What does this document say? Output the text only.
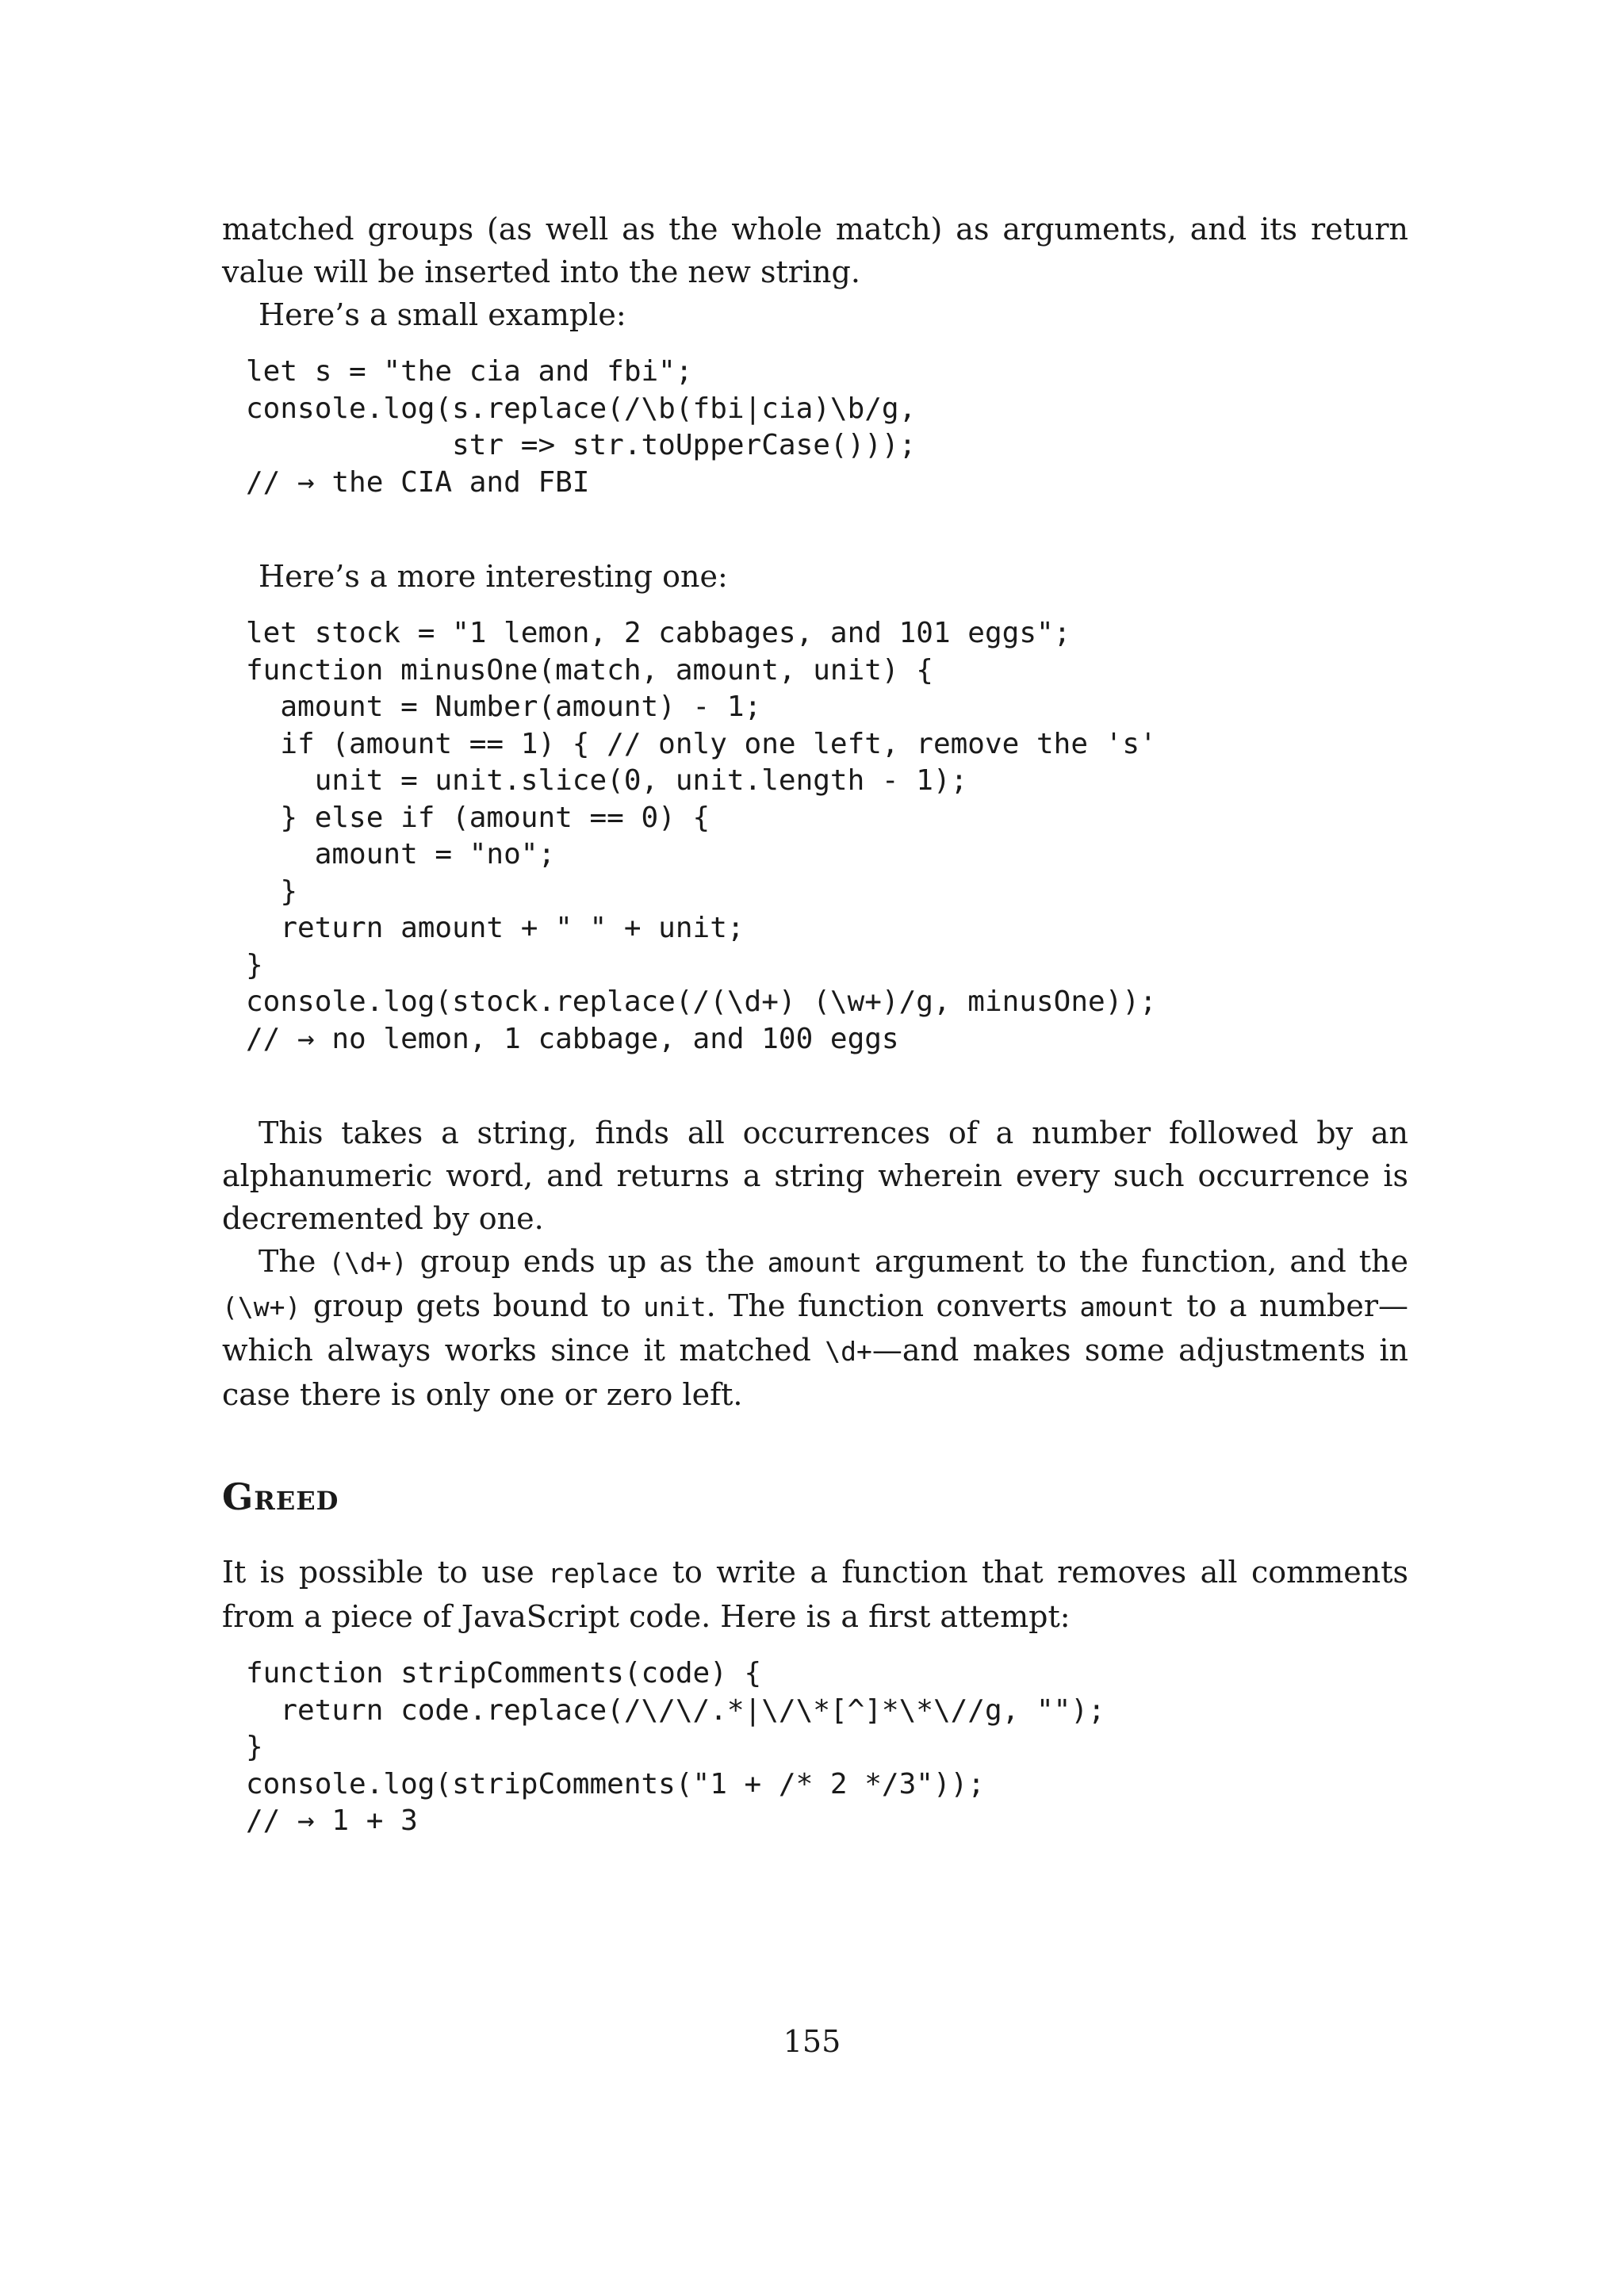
matched groups (as well as the whole match) as arguments, and its return value will be inserted into the new string.

Here’s a small example:

let s = "the cia and fbi";
console.log(s.replace(/\b(fbi|cia)\b/g,
str => str.toUpperCase()));
// → the CIA and FBI

Here’s a more interesting one:

let stock = "1 lemon, 2 cabbages, and 101 eggs";
function minusOne(match, amount, unit) {
amount = Number(amount) - 1;
if (amount == 1) { // only one left, remove the 's'
unit = unit.slice(0, unit.length - 1);
} else if (amount == 0) {
amount = "no";
}
return amount + " " + unit;
}
console.log(stock.replace(/(\d+) (\w+)/g, minusOne));
// → no lemon, 1 cabbage, and 100 eggs

This takes a string, finds all occurrences of a number followed by an alphanumeric word, and returns a string wherein every such occurrence is decremented by one.

The (\d+) group ends up as the amount argument to the function, and the (\w+) group gets bound to unit. The function converts amount to a number—which always works since it matched \d+—and makes some adjustments in case there is only one or zero left.

Greed

It is possible to use replace to write a function that removes all comments from a piece of JavaScript code. Here is a first attempt:

function stripComments(code) {
return code.replace(/\/\/.*|\/\*[^]*\*\//g, "");
}
console.log(stripComments("1 + /* 2 */3"));
// → 1 + 3
155
